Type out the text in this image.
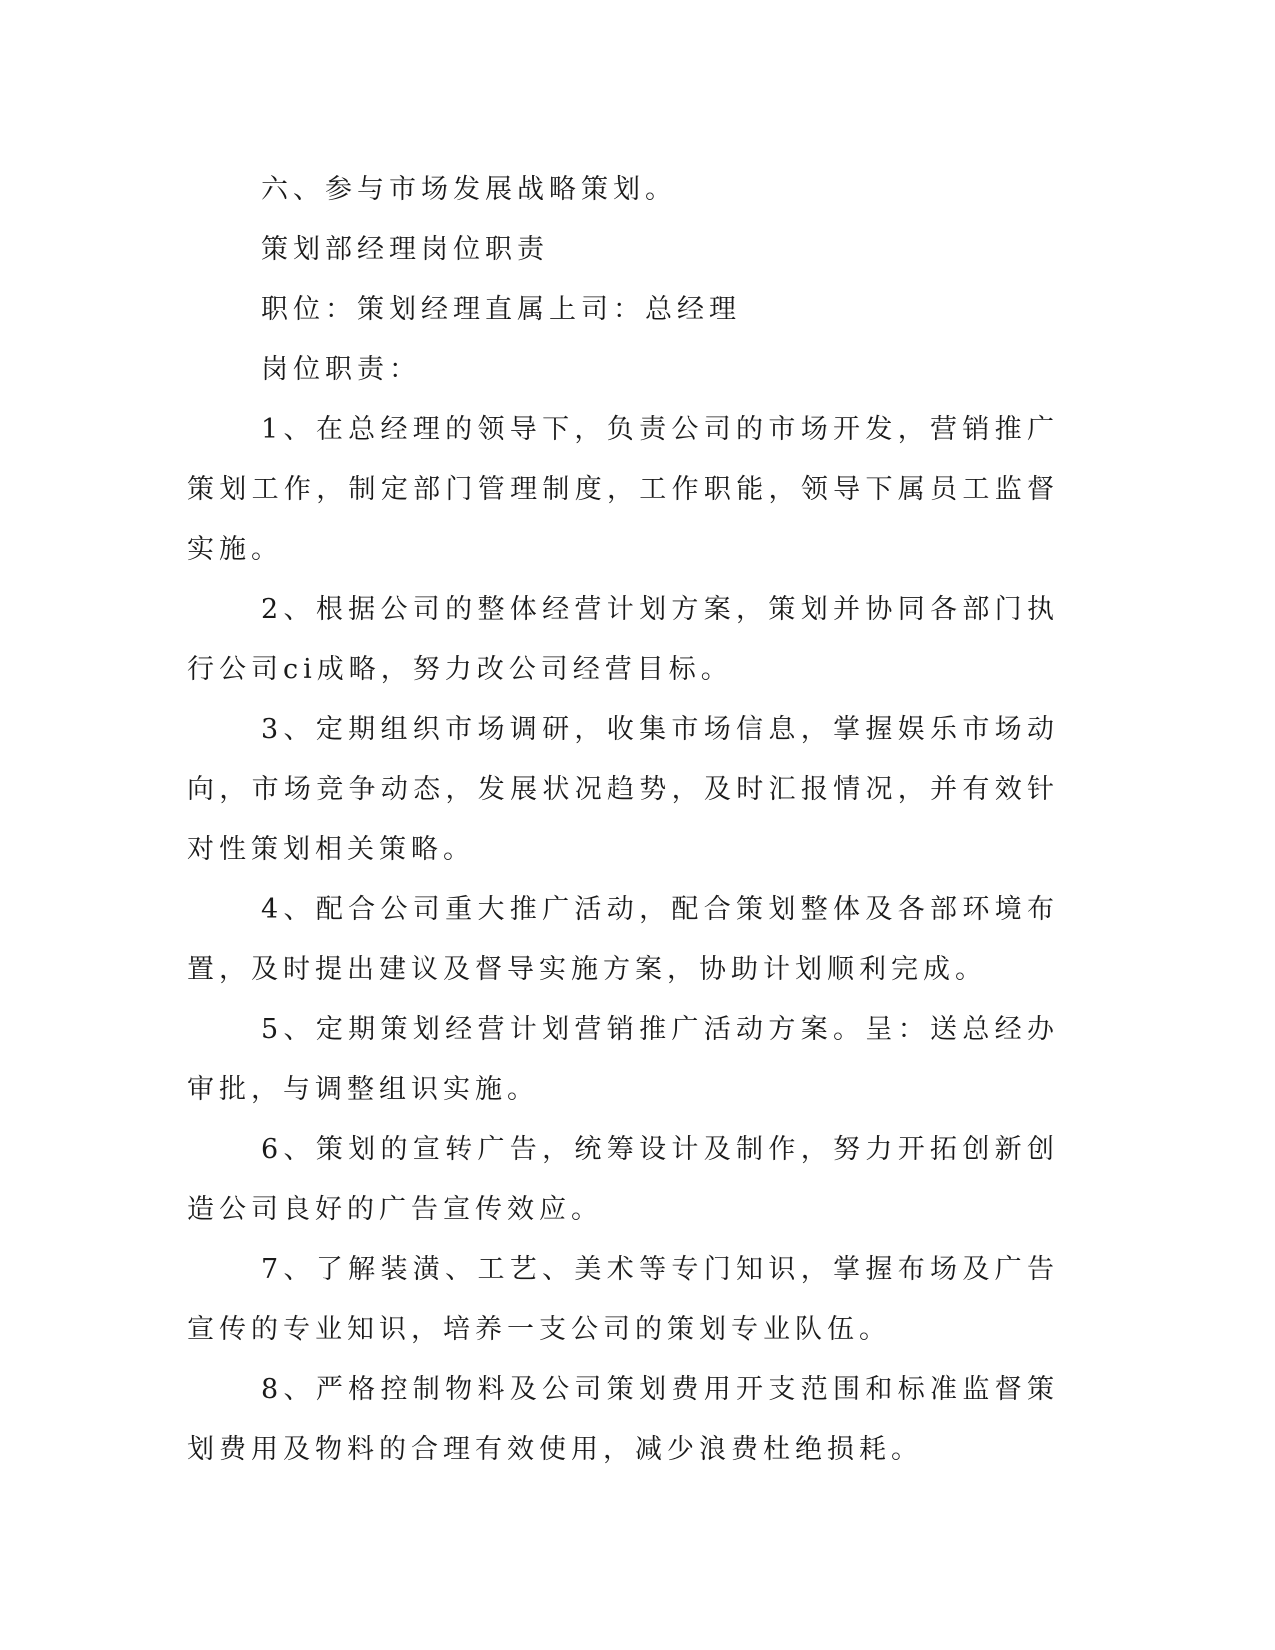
六、参与市场发展战略策划。

策划部经理岗位职责

职位：策划经理直属上司：总经理

岗位职责：

1、在总经理的领导下，负责公司的市场开发，营销推广策划工作，制定部门管理制度，工作职能，领导下属员工监督实施。

2、根据公司的整体经营计划方案，策划并协同各部门执行公司ci成略，努力改公司经营目标。

3、定期组织市场调研，收集市场信息，掌握娱乐市场动向，市场竞争动态，发展状况趋势，及时汇报情况，并有效针对性策划相关策略。

4、配合公司重大推广活动，配合策划整体及各部环境布置，及时提出建议及督导实施方案，协助计划顺利完成。

5、定期策划经营计划营销推广活动方案。呈：送总经办审批，与调整组识实施。

6、策划的宣转广告，统筹设计及制作，努力开拓创新创造公司良好的广告宣传效应。

7、了解装潢、工艺、美术等专门知识，掌握布场及广告宣传的专业知识，培养一支公司的策划专业队伍。

8、严格控制物料及公司策划费用开支范围和标准监督策划费用及物料的合理有效使用，减少浪费杜绝损耗。
